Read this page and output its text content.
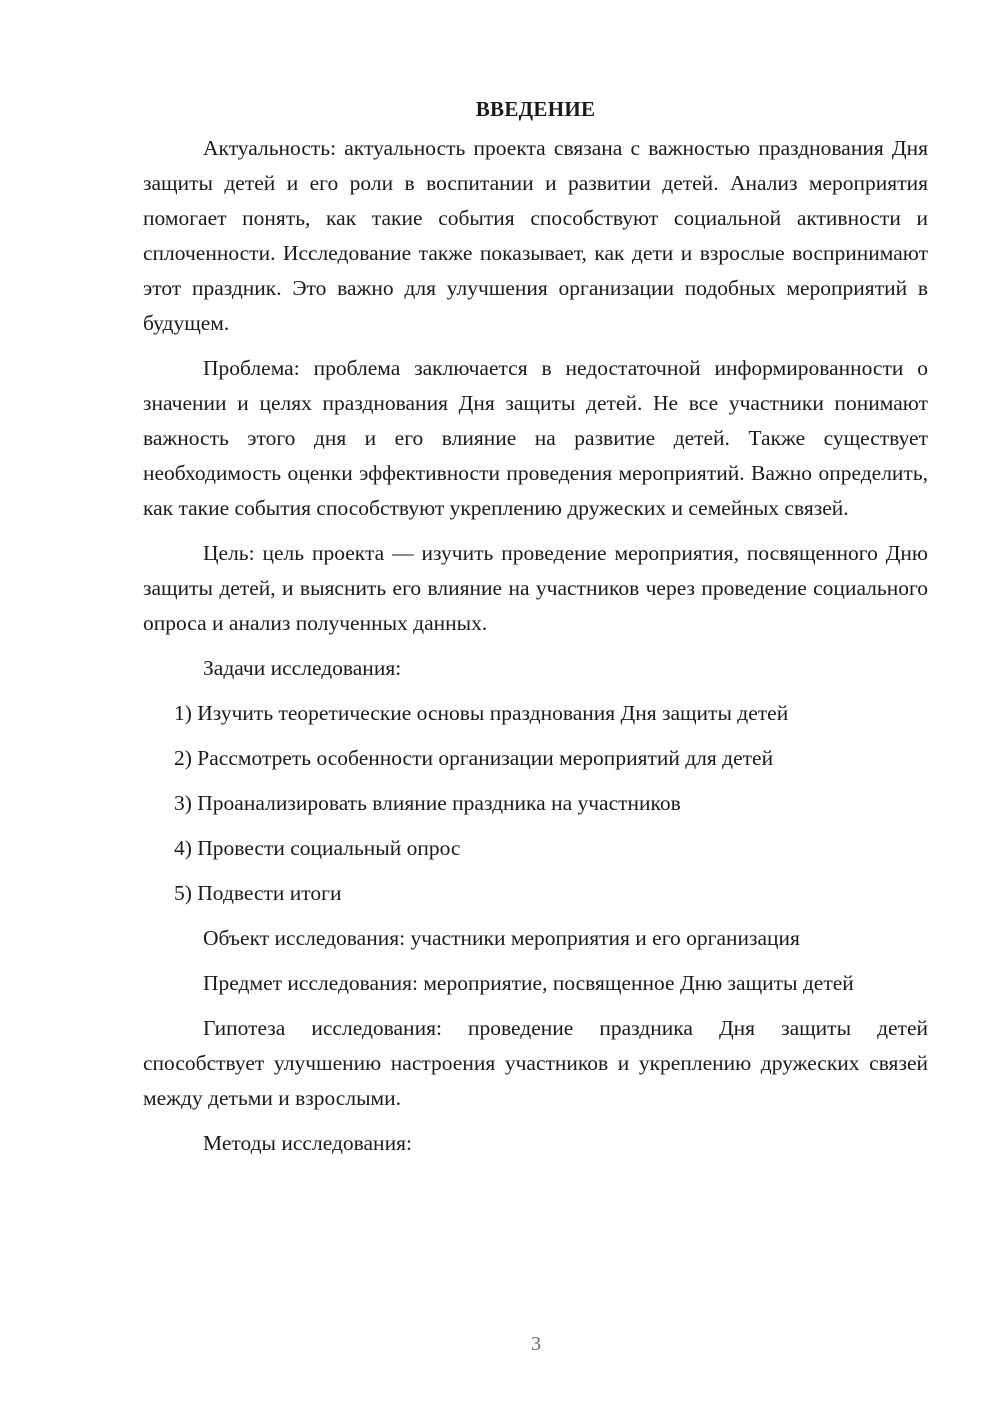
ВВЕДЕНИЕ

Актуальность: актуальность проекта связана с важностью празднования Дня защиты детей и его роли в воспитании и развитии детей. Анализ мероприятия помогает понять, как такие события способствуют социальной активности и сплоченности. Исследование также показывает, как дети и взрослые воспринимают этот праздник. Это важно для улучшения организации подобных мероприятий в будущем.

Проблема: проблема заключается в недостаточной информированности о значении и целях празднования Дня защиты детей. Не все участники понимают важность этого дня и его влияние на развитие детей. Также существует необходимость оценки эффективности проведения мероприятий. Важно определить, как такие события способствуют укреплению дружеских и семейных связей.

Цель: цель проекта — изучить проведение мероприятия, посвященного Дню защиты детей, и выяснить его влияние на участников через проведение социального опроса и анализ полученных данных.

Задачи исследования:

1) Изучить теоретические основы празднования Дня защиты детей

2) Рассмотреть особенности организации мероприятий для детей

3) Проанализировать влияние праздника на участников

4) Провести социальный опрос

5) Подвести итоги

Объект исследования: участники мероприятия и его организация

Предмет исследования: мероприятие, посвященное Дню защиты детей

Гипотеза исследования: проведение праздника Дня защиты детей способствует улучшению настроения участников и укреплению дружеских связей между детьми и взрослыми.

Методы исследования:

3
